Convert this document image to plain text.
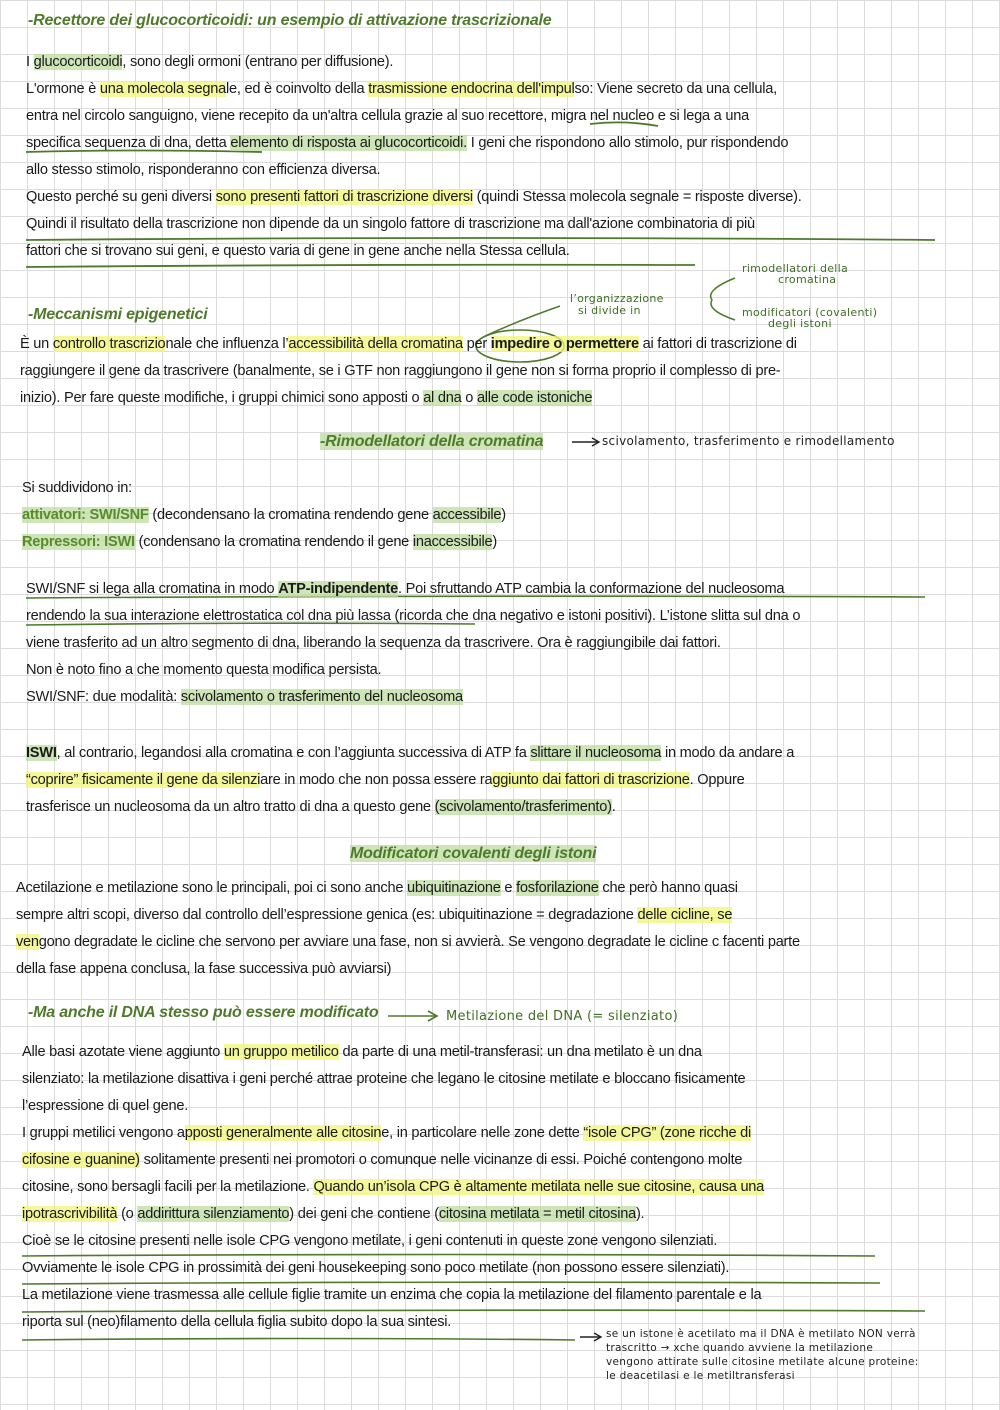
-Recettore dei glucocorticoidi: un esempio di attivazione trascrizionale
I glucocorticoidi, sono degli ormoni (entrano per diffusione).
L'ormone è una molecola segnale, ed è coinvolto della trasmissione endocrina dell'impulso: Viene secreto da una cellula,
entra nel circolo sanguigno, viene recepito da un'altra cellula grazie al suo recettore, migra nel nucleo e si lega a una
specifica sequenza di dna, detta elemento di risposta ai glucocorticoidi. I geni che rispondono allo stimolo, pur rispondendo
allo stesso stimolo, risponderanno con efficienza diversa.
Questo perché su geni diversi sono presenti fattori di trascrizione diversi (quindi Stessa molecola segnale = risposte diverse).
Quindi il risultato della trascrizione non dipende da un singolo fattore di trascrizione ma dall'azione combinatoria di più
fattori che si trovano sui geni, e questo varia di gene in gene anche nella Stessa cellula.
l’organizzazione
si divide in
rimodellatori della
cromatina
modificatori (covalenti)
degli istoni
-Meccanismi epigenetici
È un controllo trascrizionale che influenza l’accessibilità della cromatina per impedire o permettere ai fattori di trascrizione di
raggiungere il gene da trascrivere (banalmente, se i GTF non raggiungono il gene non si forma proprio il complesso di pre-
inizio). Per fare queste modifiche, i gruppi chimici sono apposti o al dna o alle code istoniche
-Rimodellatori della cromatina	scivolamento, trasferimento e rimodellamento
Si suddividono in:
attivatori: SWI/SNF (decondensano la cromatina rendendo gene accessibile)
Repressori: ISWI (condensano la cromatina rendendo il gene inaccessibile)
SWI/SNF si lega alla cromatina in modo ATP-indipendente. Poi sfruttando ATP cambia la conformazione del nucleosoma
rendendo la sua interazione elettrostatica col dna più lassa (ricorda che dna negativo e istoni positivi). L’istone slitta sul dna o
viene trasferito ad un altro segmento di dna, liberando la sequenza da trascrivere. Ora è raggiungibile dai fattori.
Non è noto fino a che momento questa modifica persista.
SWI/SNF: due modalità: scivolamento o trasferimento del nucleosoma
ISWI, al contrario, legandosi alla cromatina e con l’aggiunta successiva di ATP fa slittare il nucleosoma in modo da andare a
“coprire” fisicamente il gene da silenziare in modo che non possa essere raggiunto dai fattori di trascrizione. Oppure
trasferisce un nucleosoma da un altro tratto di dna a questo gene (scivolamento/trasferimento).
Modificatori covalenti degli istoni
Acetilazione e metilazione sono le principali, poi ci sono anche ubiquitinazione e fosforilazione che però hanno quasi
sempre altri scopi, diverso dal controllo dell’espressione genica (es: ubiquitinazione = degradazione delle cicline, se
vengono degradate le cicline che servono per avviare una fase, non si avvierà. Se vengono degradate le cicline c facenti parte
della fase appena conclusa, la fase successiva può avviarsi)
-Ma anche il DNA stesso può essere modificato	Metilazione del DNA (= silenziato)
Alle basi azotate viene aggiunto un gruppo metilico da parte di una metil-transferasi: un dna metilato è un dna
silenziato: la metilazione disattiva i geni perché attrae proteine che legano le citosine metilate e bloccano fisicamente
l’espressione di quel gene.
I gruppi metilici vengono apposti generalmente alle citosine, in particolare nelle zone dette “isole CPG” (zone ricche di
cifosine e guanine) solitamente presenti nei promotori o comunque nelle vicinanze di essi. Poiché contengono molte
citosine, sono bersagli facili per la metilazione. Quando un’isola CPG è altamente metilata nelle sue citosine, causa una
ipotrascrivibilità (o addirittura silenziamento) dei geni che contiene (citosina metilata = metil citosina).
Cioè se le citosine presenti nelle isole CPG vengono metilate, i geni contenuti in queste zone vengono silenziati.
Ovviamente le isole CPG in prossimità dei geni housekeeping sono poco metilate (non possono essere silenziati).
La metilazione viene trasmessa alle cellule figlie tramite un enzima che copia la metilazione del filamento parentale e la
riporta sul (neo)filamento della cellula figlia subito dopo la sua sintesi.
se un istone è acetilato ma il DNA è metilato NON verrà
trascritto → xche quando avviene la metilazione
vengono attirate sulle citosine metilate alcune proteine:
le deacetilasi e le metiltransferasi
